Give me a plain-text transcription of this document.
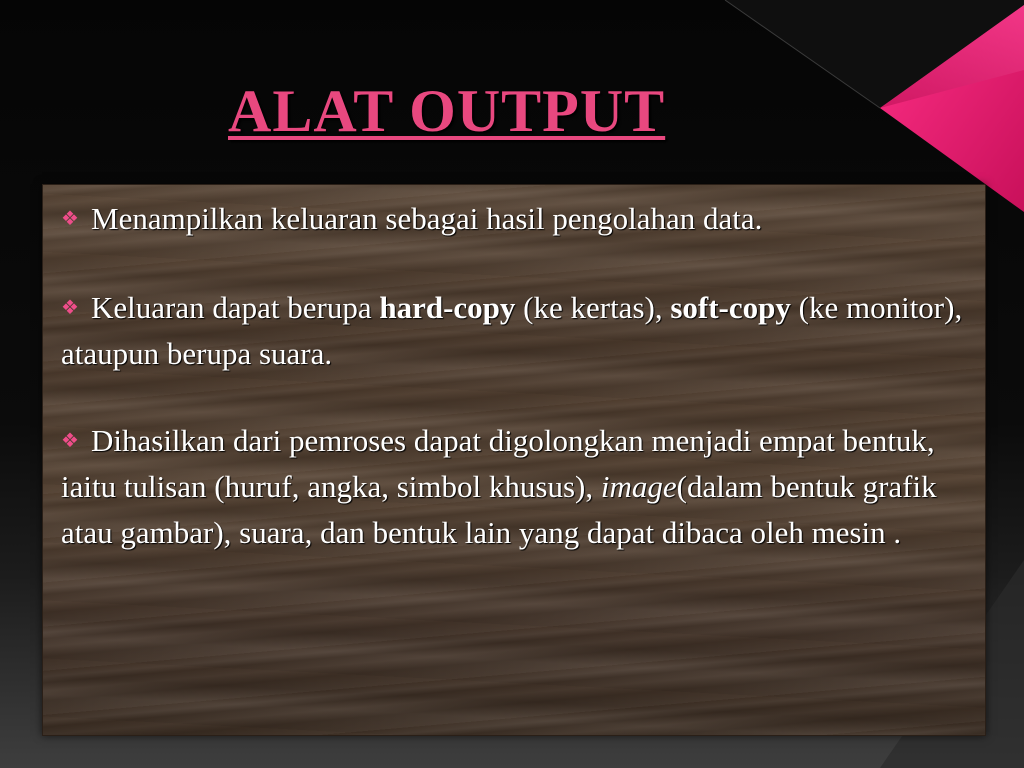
ALAT OUTPUT
❖ Menampilkan keluaran sebagai hasil pengolahan data.
❖ Keluaran dapat berupa hard-copy (ke kertas), soft-copy (ke monitor), ataupun berupa suara.
❖ Dihasilkan dari pemroses dapat digolongkan menjadi empat bentuk, iaitu tulisan (huruf, angka, simbol khusus), image(dalam bentuk grafik atau gambar), suara, dan bentuk lain yang dapat dibaca oleh mesin .
